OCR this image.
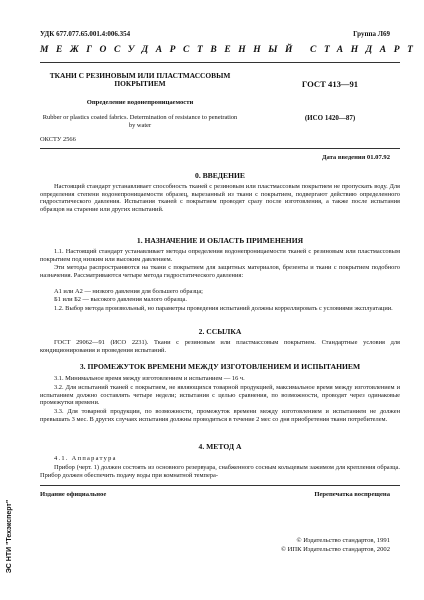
УДК 677.077.65.001.4:006.354	Группа Л69
МЕЖГОСУДАРСТВЕННЫЙ СТАНДАРТ
ТКАНИ С РЕЗИНОВЫМ ИЛИ ПЛАСТМАССОВЫМ ПОКРЫТИЕМ
Определение водонепроницаемости
Rubber or plastics coated fabrics. Determination of resistance to penetration by water
ОКСТУ 2566
ГОСТ 413—91
(ИСО 1420—87)
Дата введения 01.07.92
0. ВВЕДЕНИЕ
Настоящий стандарт устанавливает способность тканей с резиновым или пластмассовым покрытием не пропускать воду. Для определения степени водонепроницаемости образец, вырезанный из ткани с покрытием, подвергают действию определенного гидростатического давления. Испытания тканей с покрытием проводят сразу после изготовления, а также после испытания образцов на старение или других испытаний.
1. НАЗНАЧЕНИЕ И ОБЛАСТЬ ПРИМЕНЕНИЯ
1.1. Настоящий стандарт устанавливает методы определения водонепроницаемости тканей с резиновым или пластмассовым покрытием под низким или высоким давлением.
Эти методы распространяются на ткани с покрытием для защитных материалов, брезенты и ткани с покрытием подобного назначения. Рассматриваются четыре метода гидростатического давления:
А1 или А2 — низкого давления для большего образца;
Б1 или Б2 — высокого давления малого образца.
1.2. Выбор метода произвольный, но параметры проведения испытаний должны корреллировать с условиями эксплуатации.
2. ССЫЛКА
ГОСТ 29062—91 (ИСО 2231). Ткани с резиновым или пластмассовым покрытием. Стандартные условия для кондиционирования и проведения испытаний.
3. ПРОМЕЖУТОК ВРЕМЕНИ МЕЖДУ ИЗГОТОВЛЕНИЕМ И ИСПЫТАНИЕМ
3.1. Минимальное время между изготовлением и испытанием — 16 ч.
3.2. Для испытаний тканей с покрытием, не являющихся товарной продукцией, максимальное время между изготовлением и испытанием должно составлять четыре недели; испытания с целью сравнения, по возможности, проводят через одинаковые промежутки времени.
3.3. Для товарной продукции, по возможности, промежуток времени между изготовлением и испытанием не должен превышать 3 мес. В других случаях испытания должны проводиться в течение 2 мес со дня приобретения ткани потребителем.
4. МЕТОД А
4.1. Аппаратура
Прибор (черт. 1) должен состоять из основного резервуара, снабженного сосным кольцевым зажимом для крепления образца. Прибор должен обеспечить подачу воды при комнатной темпера-
Издание официальное	Перепечатка воспрещена
© Издательство стандартов, 1991
© ИПК Издательство стандартов, 2002
ЭС НТИ "Техэксперт"
